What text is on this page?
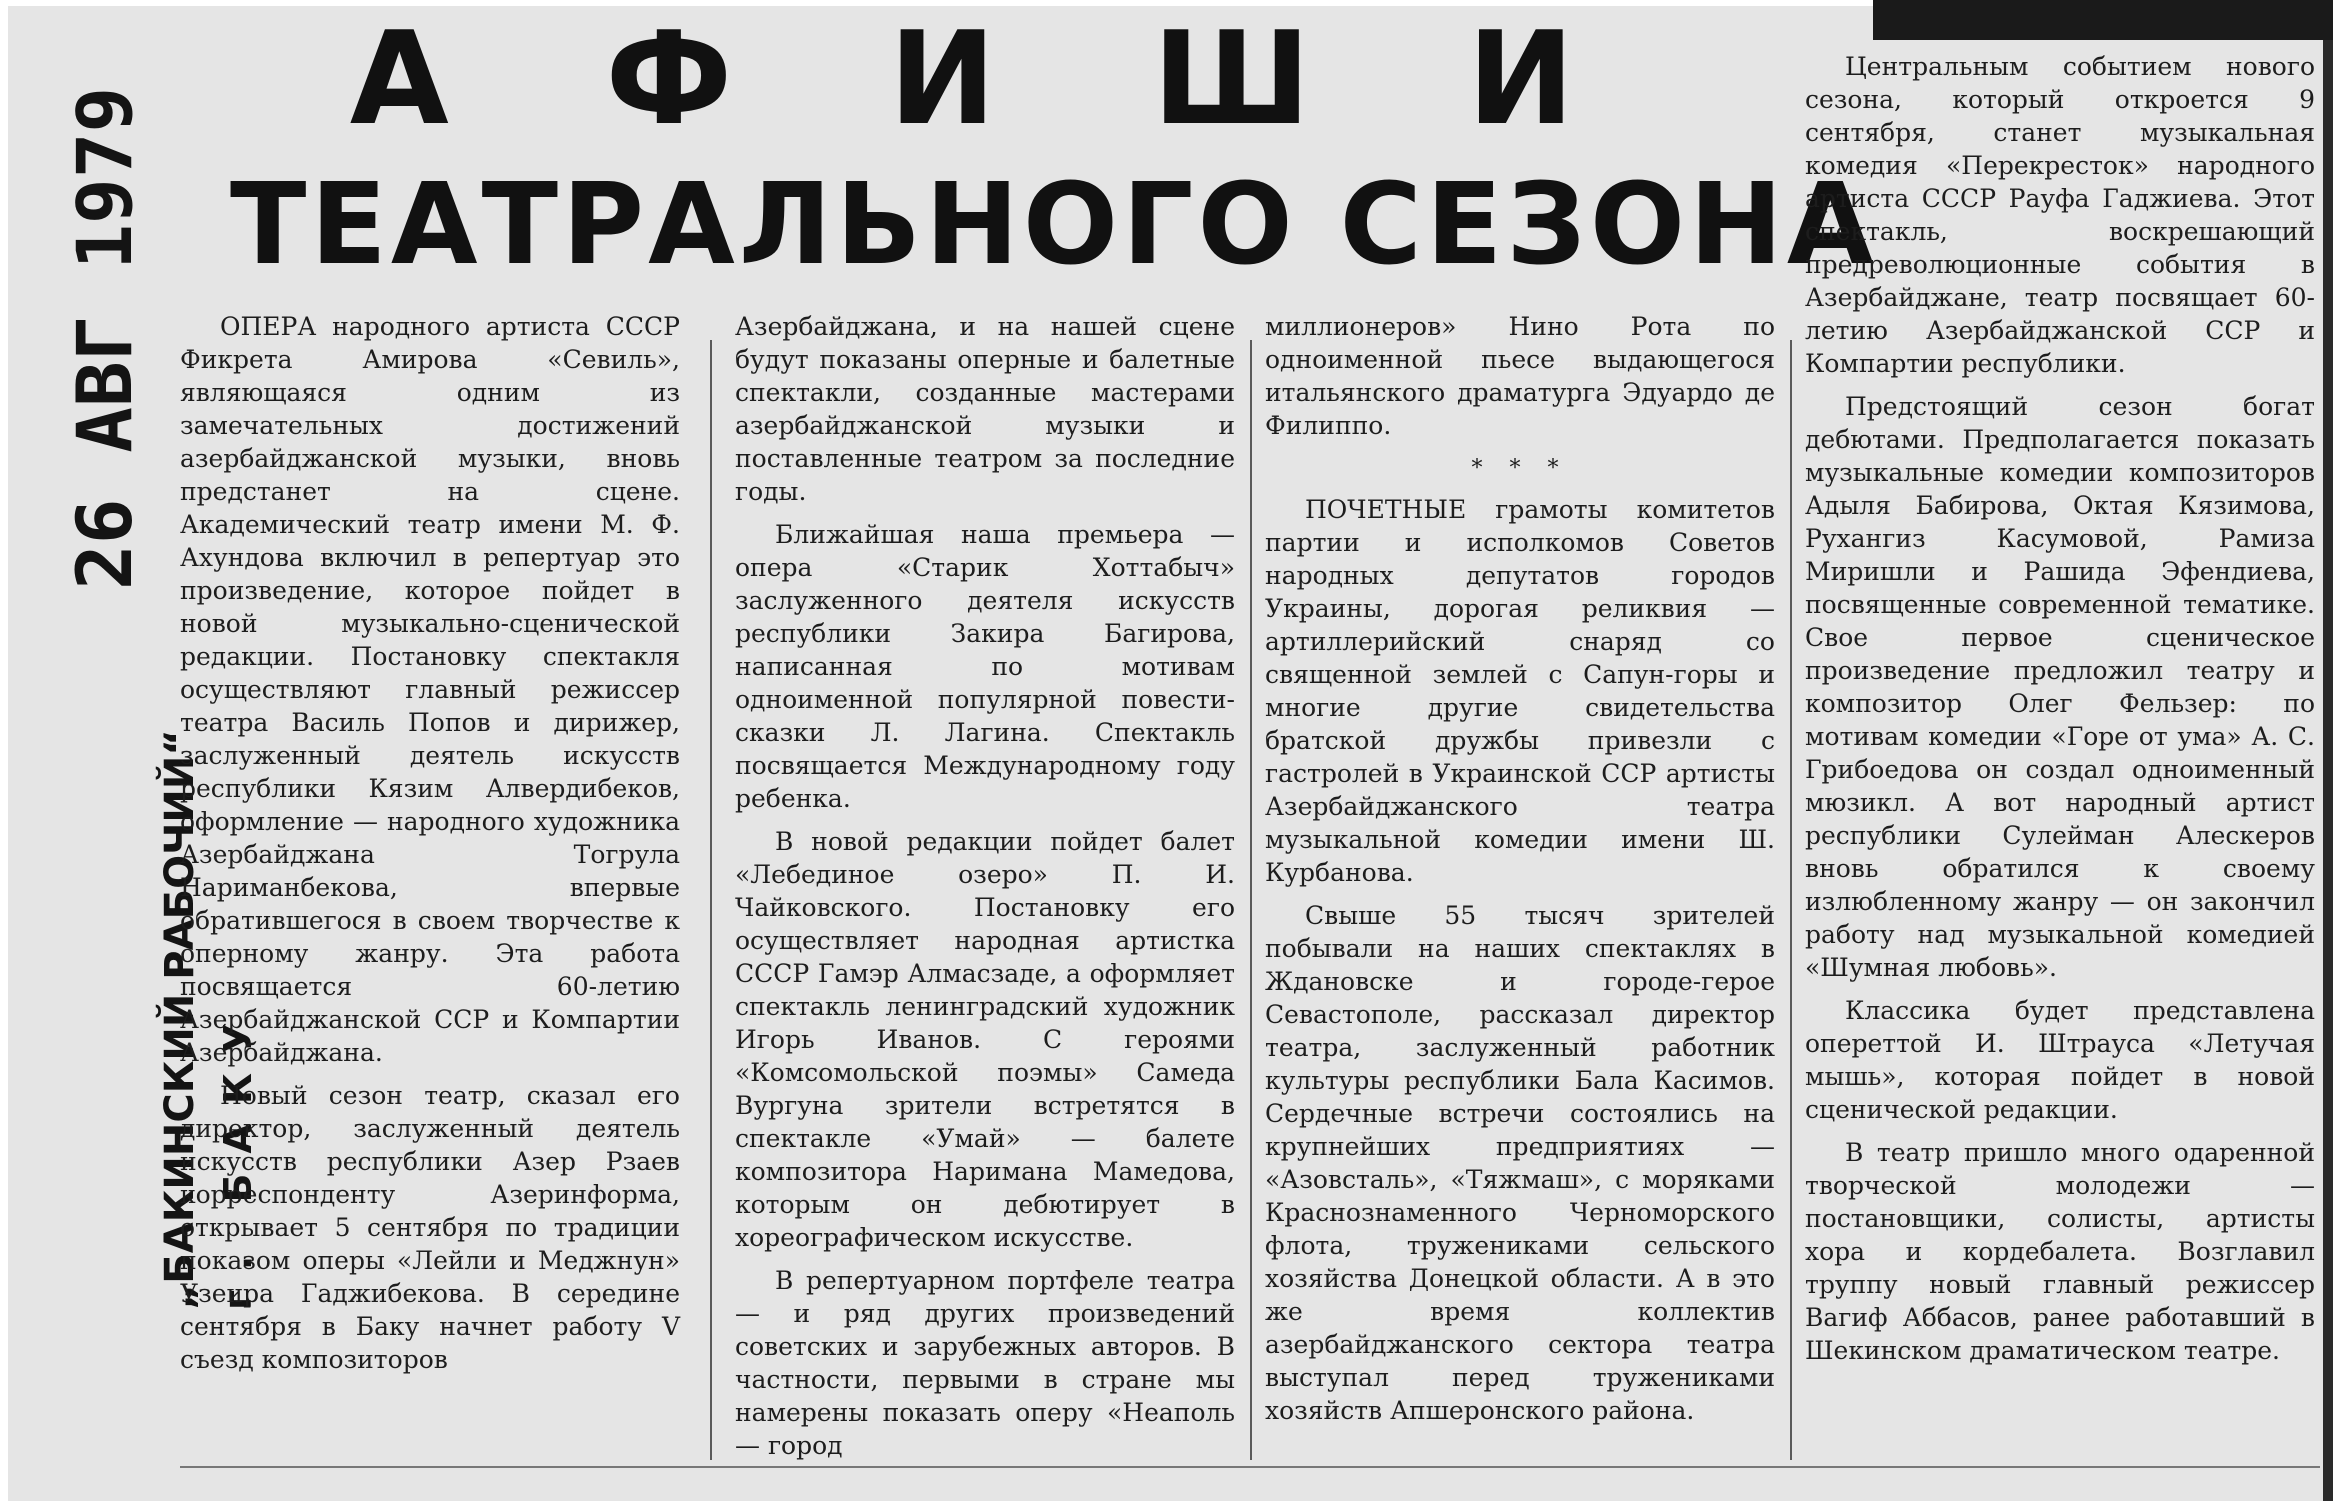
А Ф И Ш И
ТЕАТРАЛЬНОГО СЕЗОНА
26 АВГ 1979
„БАКИНСКИЙ РАБОЧИЙ“ г. БАКУ

ОПЕРА народного артиста СССР Фикрета Амирова «Севиль», являющаяся одним из замечательных достижений азербайджанской музыки, вновь предстанет на сцене. Академический театр имени М. Ф. Ахундова включил в репертуар это произведение, которое пойдет в новой музыкально-сценической редакции. Постановку спектакля осуществляют главный режиссер театра Василь Попов и дирижер, заслуженный деятель искусств республики Кязим Алвердибеков, оформление — народного художника Азербайджана Тогрула Нариманбекова, впервые обратившегося в своем творчестве к оперному жанру. Эта работа посвящается 60-летию Азербайджанской ССР и Компартии Азербайджана.

Новый сезон театр, сказал его директор, заслуженный деятель искусств республики Азер Рзаев корреспонденту Азеринформа, открывает 5 сентября по традиции показом оперы «Лейли и Меджнун» Узеира Гаджибекова. В середине сентября в Баку начнет работу V съезд композиторов

Азербайджана, и на нашей сцене будут показаны оперные и балетные спектакли, созданные мастерами азербайджанской музыки и поставленные театром за последние годы.

Ближайшая наша премьера — опера «Старик Хоттабыч» заслуженного деятеля искусств республики Закира Багирова, написанная по мотивам одноименной популярной повести-сказки Л. Лагина. Спектакль посвящается Международному году ребенка.

В новой редакции пойдет балет «Лебединое озеро» П. И. Чайковского. Постановку его осуществляет народная артистка СССР Гамэр Алмасзаде, а оформляет спектакль ленинградский художник Игорь Иванов. С героями «Комсомольской поэмы» Самеда Вургуна зрители встретятся в спектакле «Умай» — балете композитора Наримана Мамедова, которым он дебютирует в хореографическом искусстве.

В репертуарном портфеле театра — и ряд других произведений советских и зарубежных авторов. В частности, первыми в стране мы намерены показать оперу «Неаполь — город

миллионеров» Нино Рота по одноименной пьесе выдающегося итальянского драматурга Эдуардо де Филиппо.

* * *

ПОЧЕТНЫЕ грамоты комитетов партии и исполкомов Советов народных депутатов городов Украины, дорогая реликвия — артиллерийский снаряд со священной землей с Сапун-горы и многие другие свидетельства братской дружбы привезли с гастролей в Украинской ССР артисты Азербайджанского театра музыкальной комедии имени Ш. Курбанова.

Свыше 55 тысяч зрителей побывали на наших спектаклях в Ждановске и городе-герое Севастополе, рассказал директор театра, заслуженный работник культуры республики Бала Касимов. Сердечные встречи состоялись на крупнейших предприятиях — «Азовсталь», «Тяжмаш», с моряками Краснознаменного Черноморского флота, тружениками сельского хозяйства Донецкой области. А в это же время коллектив азербайджанского сектора театра выступал перед тружениками хозяйств Апшеронского района.

Центральным событием нового сезона, который откроется 9 сентября, станет музыкальная комедия «Перекресток» народного артиста СССР Рауфа Гаджиева. Этот спектакль, воскрешающий предреволюционные события в Азербайджане, театр посвящает 60-летию Азербайджанской ССР и Компартии республики.

Предстоящий сезон богат дебютами. Предполагается показать музыкальные комедии композиторов Адыля Бабирова, Октая Кязимова, Рухангиз Касумовой, Рамиза Миришли и Рашида Эфендиева, посвященные современной тематике. Свое первое сценическое произведение предложил театру и композитор Олег Фельзер: по мотивам комедии «Горе от ума» А. С. Грибоедова он создал одноименный мюзикл. А вот народный артист республики Сулейман Алескеров вновь обратился к своему излюбленному жанру — он закончил работу над музыкальной комедией «Шумная любовь».

Классика будет представлена опереттой И. Штрауса «Летучая мышь», которая пойдет в новой сценической редакции.

В театр пришло много одаренной творческой молодежи — постановщики, солисты, артисты хора и кордебалета. Возглавил труппу новый главный режиссер Вагиф Аббасов, ранее работавший в Шекинском драматическом театре.
